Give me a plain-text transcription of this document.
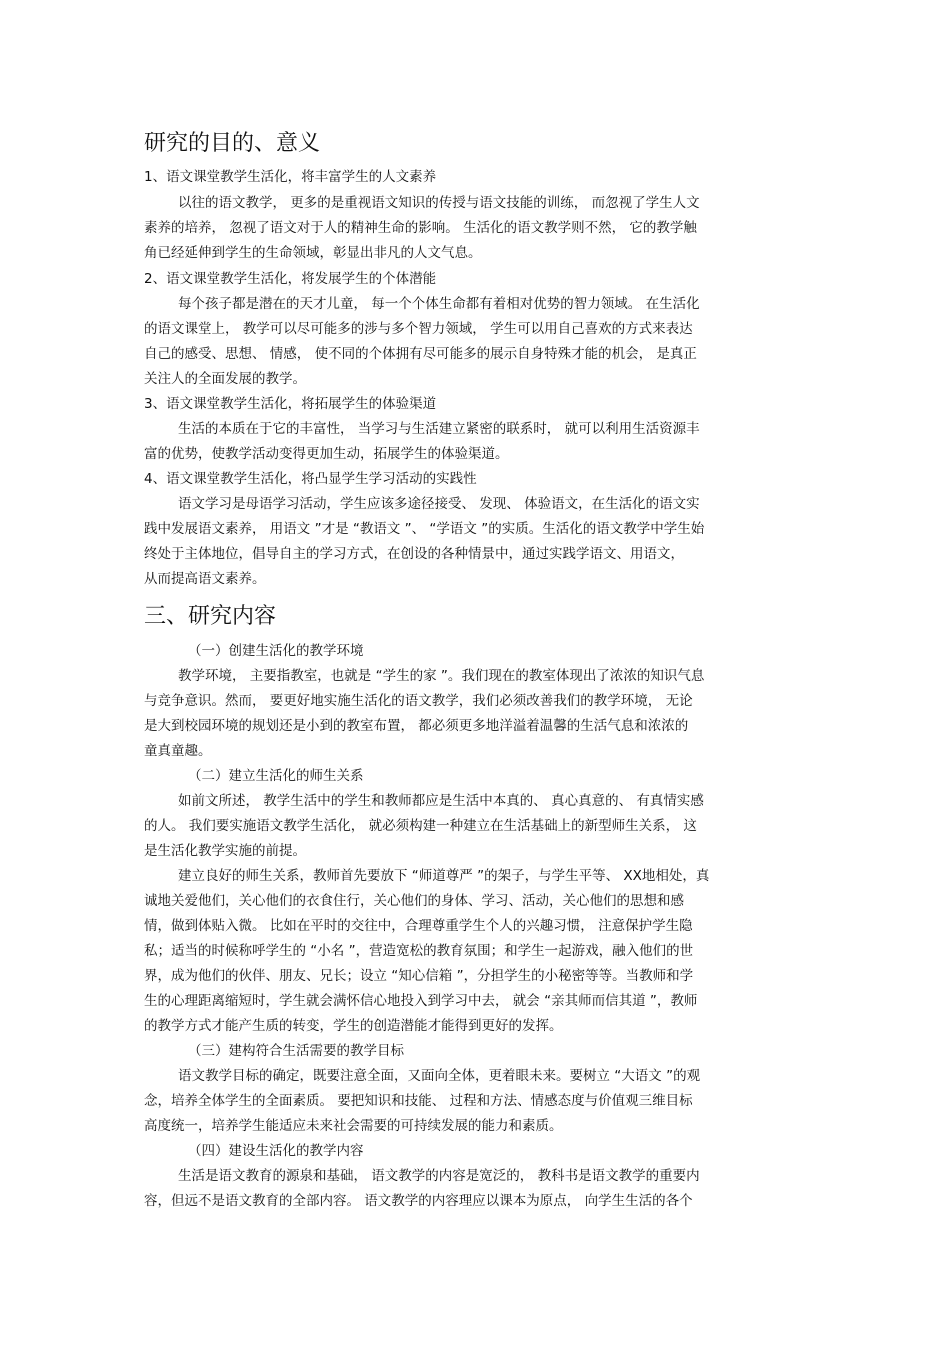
研究的目的、意义
1、语文课堂教学生活化，将丰富学生的人文素养
以往的语文教学， 更多的是重视语文知识的传授与语文技能的训练， 而忽视了学生人文
素养的培养， 忽视了语文对于人的精神生命的影响。 生活化的语文教学则不然， 它的教学触
角已经延伸到学生的生命领域，彰显出非凡的人文气息。
2、语文课堂教学生活化，将发展学生的个体潜能
每个孩子都是潜在的天才儿童， 每一个个体生命都有着相对优势的智力领域。 在生活化
的语文课堂上， 教学可以尽可能多的涉与多个智力领域， 学生可以用自己喜欢的方式来表达
自己的感受、思想、 情感， 使不同的个体拥有尽可能多的展示自身特殊才能的机会， 是真正
关注人的全面发展的教学。
3、语文课堂教学生活化，将拓展学生的体验渠道
生活的本质在于它的丰富性， 当学习与生活建立紧密的联系时， 就可以利用生活资源丰
富的优势，使教学活动变得更加生动，拓展学生的体验渠道。
4、语文课堂教学生活化，将凸显学生学习活动的实践性
语文学习是母语学习活动，学生应该多途径接受、 发现、 体验语文，在生活化的语文实
践中发展语文素养， 用语文 ”才是 “教语文 ”、 “学语文 ”的实质。生活化的语文教学中学生始
终处于主体地位，倡导自主的学习方式，在创设的各种情景中，通过实践学语文、用语文，
从而提高语文素养。
三、研究内容
（一）创建生活化的教学环境
教学环境， 主要指教室，也就是 “学生的家 ”。我们现在的教室体现出了浓浓的知识气息
与竞争意识。然而， 要更好地实施生活化的语文教学，我们必须改善我们的教学环境， 无论
是大到校园环境的规划还是小到的教室布置， 都必须更多地洋溢着温馨的生活气息和浓浓的
童真童趣。
（二）建立生活化的师生关系
如前文所述， 教学生活中的学生和教师都应是生活中本真的、 真心真意的、 有真情实感
的人。 我们要实施语文教学生活化， 就必须构建一种建立在生活基础上的新型师生关系， 这
是生活化教学实施的前提。
建立良好的师生关系，教师首先要放下 “师道尊严 ”的架子，与学生平等、 XX地相处，真
诚地关爱他们，关心他们的衣食住行，关心他们的身体、学习、活动，关心他们的思想和感
情，做到体贴入微。 比如在平时的交往中，合理尊重学生个人的兴趣习惯， 注意保护学生隐
私；适当的时候称呼学生的 “小名 ”，营造宽松的教育氛围；和学生一起游戏，融入他们的世
界，成为他们的伙伴、朋友、兄长；设立 “知心信箱 ”，分担学生的小秘密等等。当教师和学
生的心理距离缩短时，学生就会满怀信心地投入到学习中去， 就会 “亲其师而信其道 ”，教师
的教学方式才能产生质的转变，学生的创造潜能才能得到更好的发挥。
（三）建构符合生活需要的教学目标
语文教学目标的确定，既要注意全面，又面向全体，更着眼未来。要树立 “大语文 ”的观
念，培养全体学生的全面素质。 要把知识和技能、 过程和方法、情感态度与价值观三维目标
高度统一，培养学生能适应未来社会需要的可持续发展的能力和素质。
（四）建设生活化的教学内容
生活是语文教育的源泉和基础， 语文教学的内容是宽泛的， 教科书是语文教学的重要内
容，但远不是语文教育的全部内容。 语文教学的内容理应以课本为原点， 向学生生活的各个
